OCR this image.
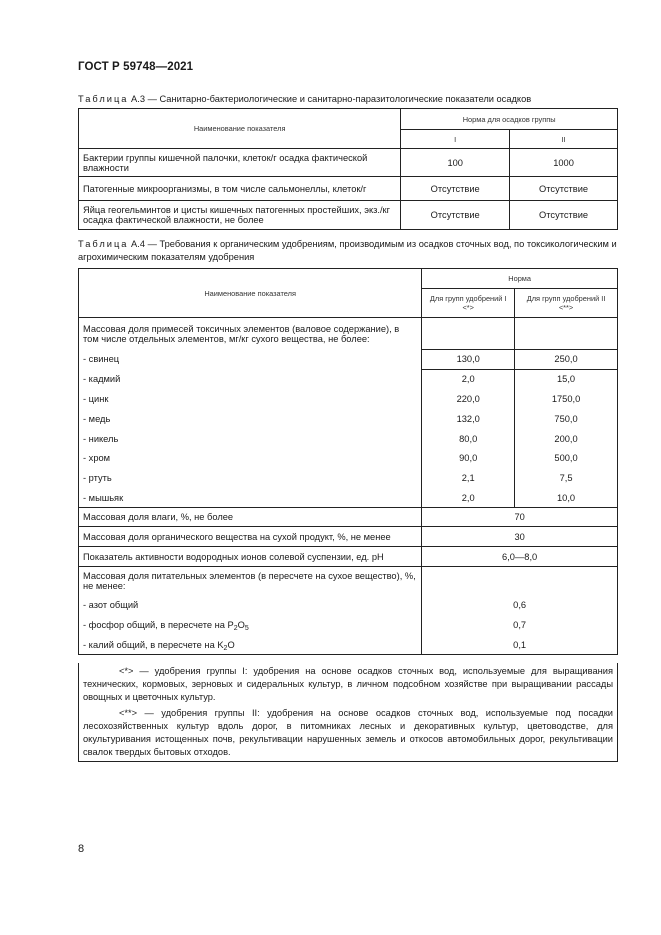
ГОСТ Р 59748—2021
Таблица А.3 — Санитарно-бактериологические и санитарно-паразитологические показатели осадков
Наименование показателя	Норма для осадков группы	
	I	II
Бактерии группы кишечной палочки, клеток/г осадка фактической влажности	100	1000
Патогенные микроорганизмы, в том числе сальмонеллы, клеток/г	Отсутствие	Отсутствие
Яйца геогельминтов и цисты кишечных патогенных простейших, экз./кг осадка фактической влажности, не более	Отсутствие	Отсутствие
Таблица А.4 — Требования к органическим удобрениям, производимым из осадков сточных вод, по токсикологическим и агрохимическим показателям удобрения
Наименование показателя	Норма	
	Для групп удобрений I <*>	Для групп удобрений II <**>
Массовая доля примесей токсичных элементов (валовое содержание), в том числе отдельных элементов, мг/кг сухого вещества, не более:		
- свинец	130,0	250,0
- кадмий	2,0	15,0
- цинк	220,0	1750,0
- медь	132,0	750,0
- никель	80,0	200,0
- хром	90,0	500,0
- ртуть	2,1	7,5
- мышьяк	2,0	10,0
Массовая доля влаги, %, не более	70	
Массовая доля органического вещества на сухой продукт, %, не менее	30	
Показатель активности водородных ионов солевой суспензии, ед. pH	6,0—8,0	
Массовая доля питательных элементов (в пересчете на сухое вещество), %, не менее:		
- азот общий	0,6	
- фосфор общий, в пересчете на $P_2O_5$	0,7	
- калий общий, в пересчете на $K_2O$	0,1	

<*> — удобрения группы I: удобрения на основе осадков сточных вод, используемые для выращивания технических, кормовых, зерновых и сидеральных культур, в личном подсобном хозяйстве при выращивании рассады овощных и цветочных культур.

<**> — удобрения группы II: удобрения на основе осадков сточных вод, используемые под посадки лесохозяйственных культур вдоль дорог, в питомниках лесных и декоративных культур, цветоводстве, для окультуривания истощенных почв, рекультивации нарушенных земель и откосов автомобильных дорог, рекультивации свалок твердых бытовых отходов.

8
